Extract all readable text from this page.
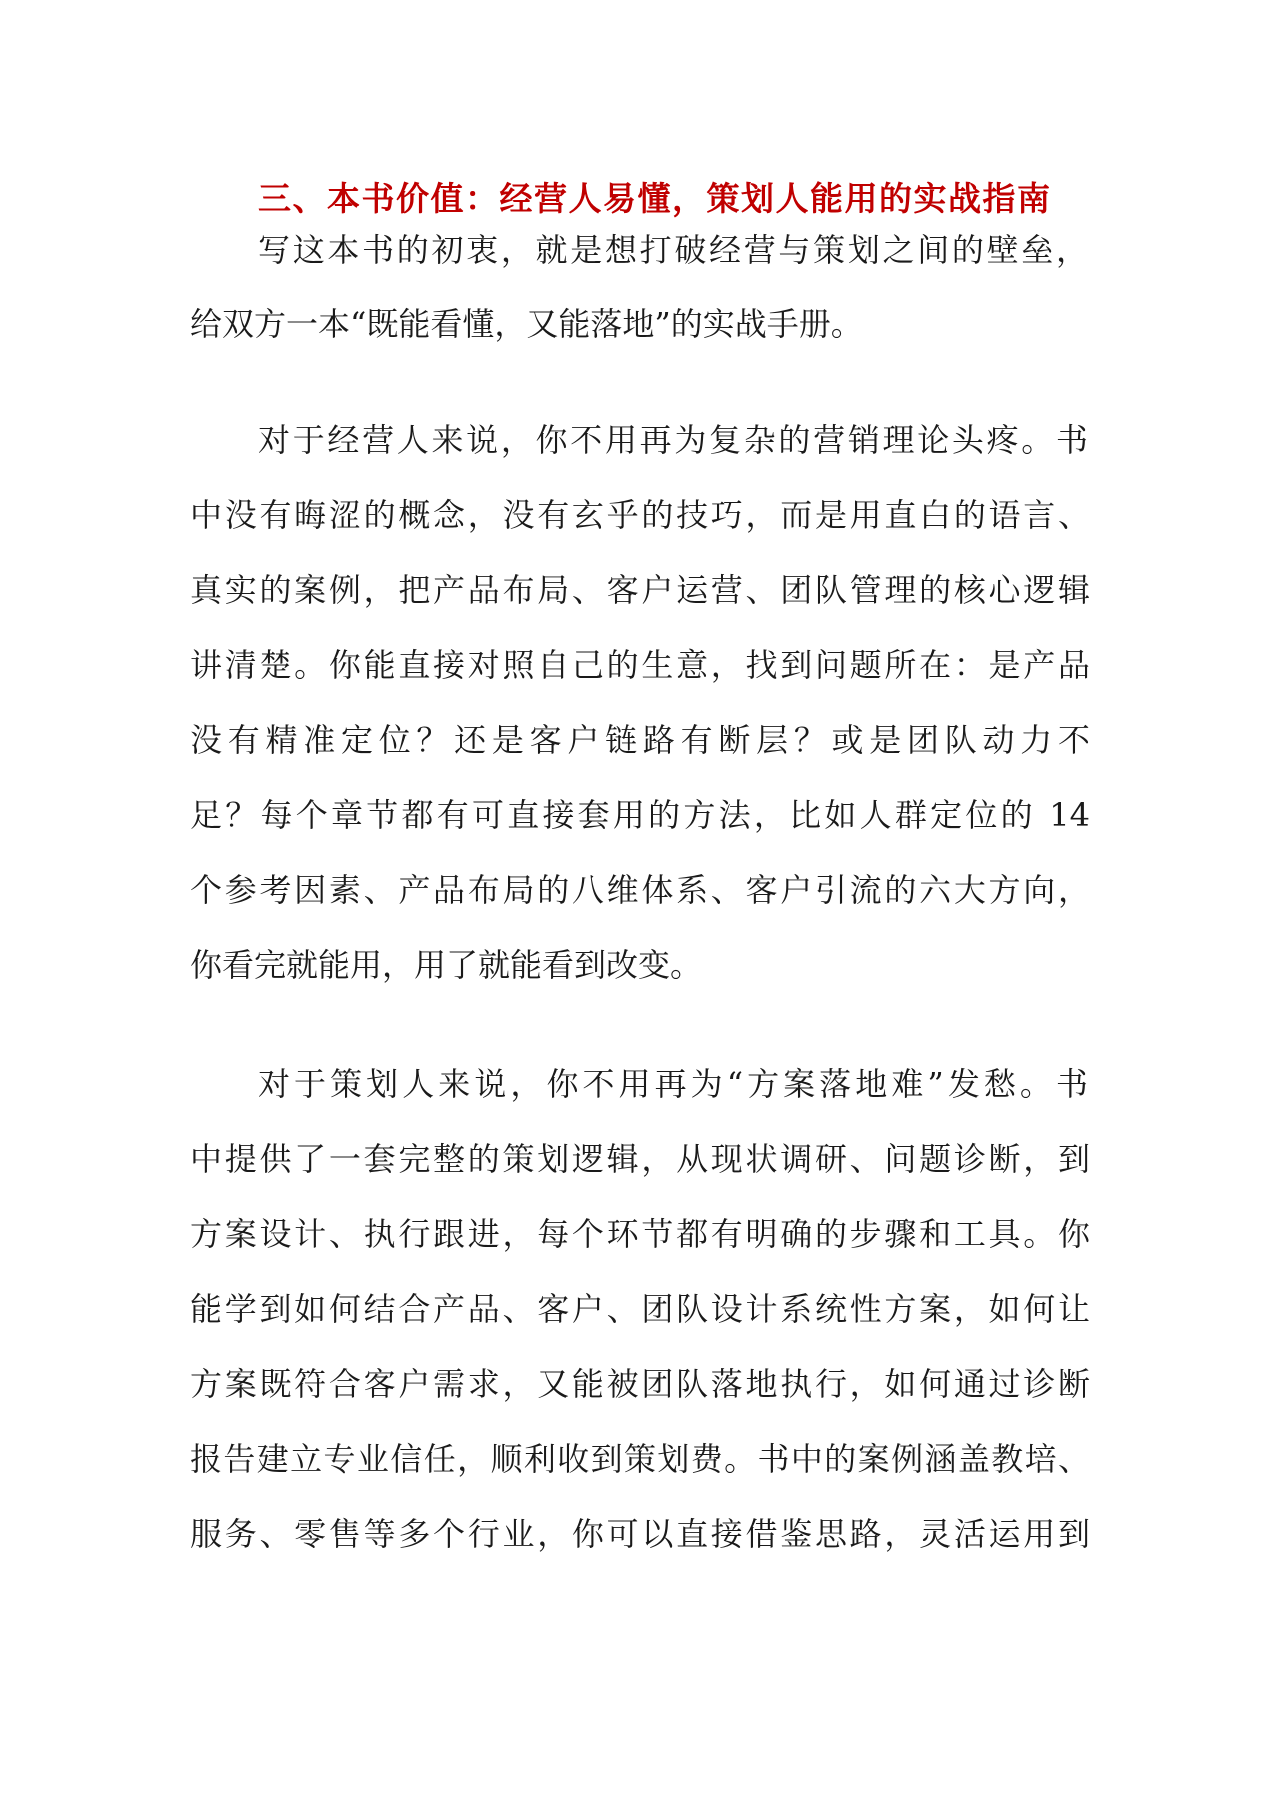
三、本书价值：经营人易懂，策划人能用的实战指南
写这本书的初衷，就是想打破经营与策划之间的壁垒，
给双方一本“既能看懂，又能落地”的实战手册。
对于经营人来说，你不用再为复杂的营销理论头疼。书
中没有晦涩的概念，没有玄乎的技巧，而是用直白的语言、
真实的案例，把产品布局、客户运营、团队管理的核心逻辑
讲清楚。你能直接对照自己的生意，找到问题所在：是产品
没有精准定位？还是客户链路有断层？或是团队动力不
足？每个章节都有可直接套用的方法，比如人群定位的 14
个参考因素、产品布局的八维体系、客户引流的六大方向，
你看完就能用，用了就能看到改变。
对于策划人来说，你不用再为“方案落地难”发愁。书
中提供了一套完整的策划逻辑，从现状调研、问题诊断，到
方案设计、执行跟进，每个环节都有明确的步骤和工具。你
能学到如何结合产品、客户、团队设计系统性方案，如何让
方案既符合客户需求，又能被团队落地执行，如何通过诊断
报告建立专业信任，顺利收到策划费。书中的案例涵盖教培、
服务、零售等多个行业，你可以直接借鉴思路，灵活运用到
